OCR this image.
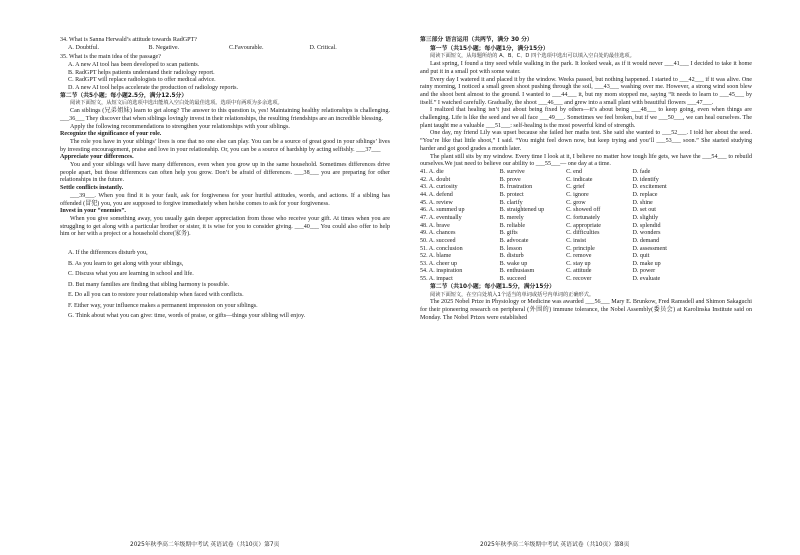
34. What is Sanna Herwald’s attitude towards RadGPT?

A. Doubtful.	B. Negative.	C.Favourable.	D. Critical.

35. What is the main idea of the passage?

A. A new AI tool has been developed to scan patients.

B. RadGPT helps patients understand their radiology report.

C. RadGPT will replace radiologists to offer medical advice.

D. A new AI tool helps accelerate the production of radiology reports.

第二节（共5小题；每小题2.5分，满分12.5分）

阅读下面短文，从短文后的选项中选出能填入空白处的最佳选项。选项中有两项为多余选项。

Can siblings (兄弟姐妹) learn to get along? The answer to this question is, yes! Maintaining healthy relationships is challenging. ___36___ They discover that when siblings lovingly invest in their relationships, the resulting friendships are an incredible blessing.

Apply the following recommendations to strengthen your relationships with your siblings.

Recognize the significance of your role.

The role you have in your siblings’ lives is one that no one else can play. You can be a source of great good in your siblings’ lives by investing encouragement, praise and love in your relationship. Or, you can be a source of hardship by acting selfishly. ___37___

Appreciate your differences.

You and your siblings will have many differences, even when you grow up in the same household. Sometimes differences drive people apart, but those differences can often help you grow. Don’t be afraid of differences. ___38___ you are preparing for other relationships in the future.

Settle conflicts instantly.

___39___. When you find it is your fault, ask for forgiveness for your hurtful attitudes, words, and actions. If a sibling has offended (冒犯) you, you are supposed to forgive immediately when he/she comes to ask for your forgiveness.

Invest in your “enemies”.

When you give something away, you usually gain deeper appreciation from those who receive your gift. At times when you are struggling to get along with a particular brother or sister, it is wise for you to consider giving. ___40___ You could also offer to help him or her with a project or a household chore(家务).

A. If the differences disturb you,

B. As you learn to get along with your siblings,

C. Discuss what you are learning in school and life.

D. But many families are finding that sibling harmony is possible.

E. Do all you can to restore your relationship when faced with conflicts.

F. Either way, your influence makes a permanent impression on your siblings.

G. Think about what you can give: time, words of praise, or gifts—things your sibling will enjoy.

2025年秋季高二年级期中考试 英语试卷（共10页）第7页

第三部分 语言运用（共两节，满分 30 分）

第一节（共15小题；每小题1分，满分15分）

阅读下面短文，从每题所给的 A、B、C、D 四个选项中选出可以填入空白处的最佳选项。

Last spring, I found a tiny seed while walking in the park. It looked weak, as if it would never ___41___ I decided to take it home and put it in a small pot with some water.

Every day I watered it and placed it by the window. Weeks passed, but nothing happened. I started to ___42___ if it was alive. One rainy morning, I noticed a small green shoot pushing through the soil, ___43___ washing over me. However, a strong wind soon blew and the shoot bent almost to the ground. I wanted to ___44___ it, but my mom stopped me, saying “It needs to learn to ___45___ by itself.” I watched carefully. Gradually, the shoot ___46___ and grew into a small plant with beautiful flowers ___47___.

I realized that healing isn’t just about being fixed by others—it’s about being ___48___ to keep going, even when things are challenging. Life is like the seed and we all face ___49___. Sometimes we feel broken, but if we ___50___, we can heal ourselves. The plant taught me a valuable ___51___: self-healing is the most powerful kind of strength.

One day, my friend Lily was upset because she failed her maths test. She said she wanted to ___52___. I told her about the seed. “You’re like that little shoot,” I said. “You might feel down now, but keep trying and you’ll ___53___ soon.” She started studying harder and got good grades a month later.

The plant still sits by my window. Every time I look at it, I believe no matter how tough life gets, we have the ___54___ to rebuild ourselves.We just need to believe our ability to ___55___— one day at a time.

41. A. die	B. survive	C. end	D. fade
42. A. doubt	B. prove	C. indicate	D. identify
43. A. curiosity	B. frustration	C. grief	D. excitement
44. A. defend	B. protect	C. ignore	D. replace
45. A. review	B. clarify	C. grow	D. shine
46. A. summed up	B. straightened up	C. showed off	D. set out
47. A. eventually	B. merely	C. fortunately	D. slightly
48. A. brave	B. reliable	C. appropriate	D. splendid
49. A. chances	B. gifts	C. difficulties	D. wonders
50. A. succeed	B. advocate	C. insist	D. demand
51. A. conclusion	B. lesson	C. principle	D. assessment
52. A. blame	B. disturb	C. remove	D. quit
53. A. cheer up	B. wake up	C. stay up	D. make up
54. A. inspiration	B. enthusiasm	C. attitude	D. power
55. A. impact	B. succeed	C. recover	D. evaluate

第二节（共10小题；每小题1.5分，满分15分）

阅读下面短文，在空白处填入1个适当的单词或括号内单词的正确形式。

The 2025 Nobel Prize in Physiology or Medicine was awarded ___56___ Mary E. Brunkow, Fred Ramsdell and Shimon Sakaguchi for their pioneering research on peripheral (外围的) immune tolerance, the Nobel Assembly(委员会) at Karolinska Institute said on Monday. The Nobel Prizes were established

2025年秋季高二年级期中考试 英语试卷（共10页）第8页
